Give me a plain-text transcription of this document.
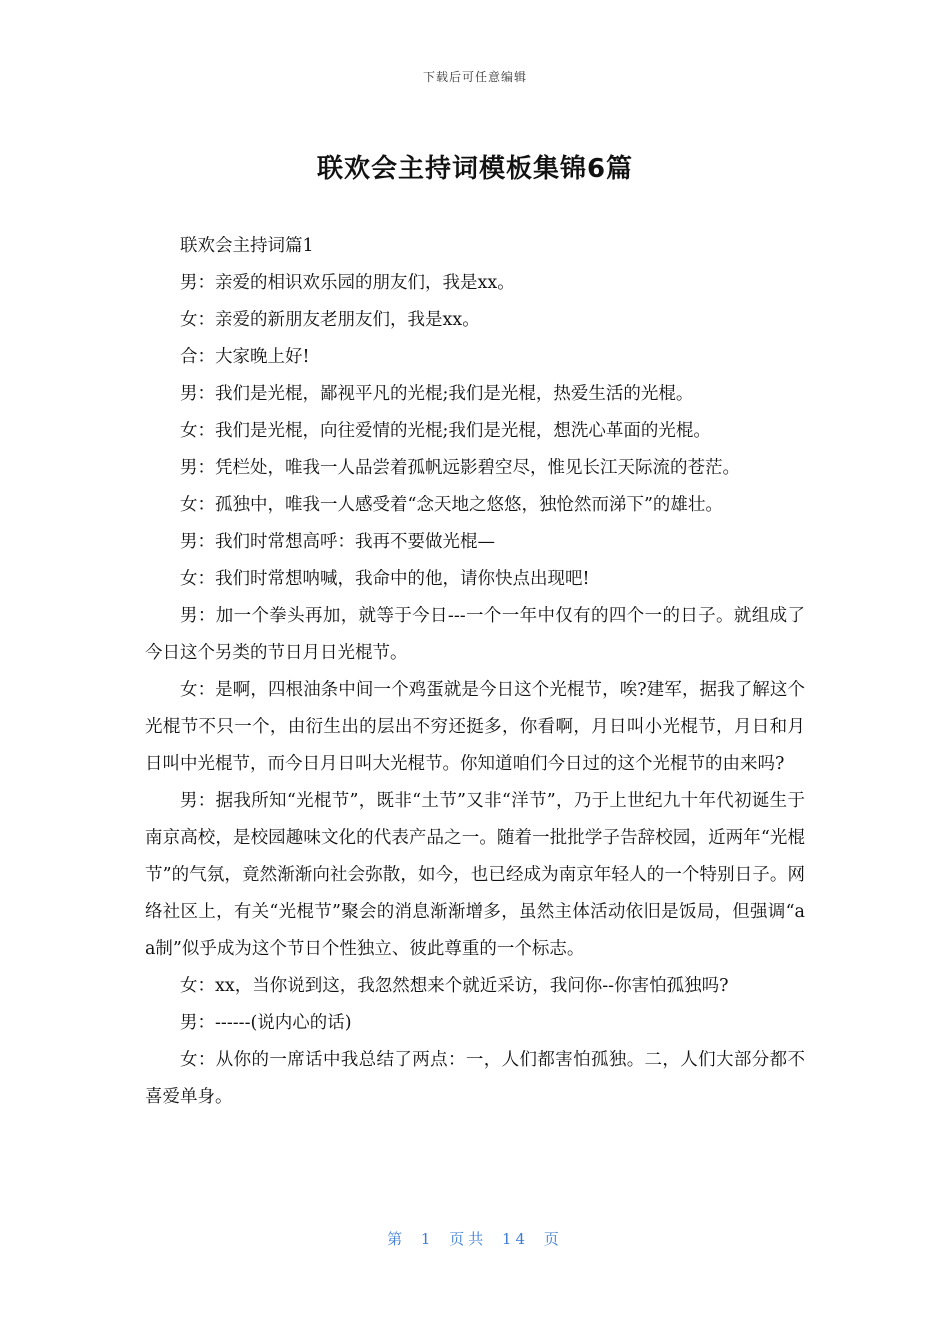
下载后可任意编辑
联欢会主持词模板集锦6篇

联欢会主持词篇1

男：亲爱的相识欢乐园的朋友们，我是xx。

女：亲爱的新朋友老朋友们，我是xx。

合：大家晚上好!

男：我们是光棍，鄙视平凡的光棍;我们是光棍，热爱生活的光棍。

女：我们是光棍，向往爱情的光棍;我们是光棍，想洗心革面的光棍。

男：凭栏处，唯我一人品尝着孤帆远影碧空尽，惟见长江天际流的苍茫。

女：孤独中，唯我一人感受着“念天地之悠悠，独怆然而涕下”的雄壮。

男：我们时常想高呼：我再不要做光棍—

女：我们时常想呐喊，我命中的他，请你快点出现吧!

男：加一个拳头再加，就等于今日---一个一年中仅有的四个一的日子。就组成了今日这个另类的节日月日光棍节。

女：是啊，四根油条中间一个鸡蛋就是今日这个光棍节，唉?建军，据我了解这个光棍节不只一个，由衍生出的层出不穷还挺多，你看啊，月日叫小光棍节，月日和月日叫中光棍节，而今日月日叫大光棍节。你知道咱们今日过的这个光棍节的由来吗?

男：据我所知“光棍节”，既非“土节”又非“洋节”，乃于上世纪九十年代初诞生于南京高校，是校园趣味文化的代表产品之一。随着一批批学子告辞校园，近两年“光棍节”的气氛，竟然渐渐向社会弥散，如今，也已经成为南京年轻人的一个特别日子。网络社区上，有关“光棍节”聚会的消息渐渐增多，虽然主体活动依旧是饭局，但强调“aa制”似乎成为这个节日个性独立、彼此尊重的一个标志。

女：xx，当你说到这，我忽然想来个就近采访，我问你--你害怕孤独吗?

男：------(说内心的话)

女：从你的一席话中我总结了两点：一，人们都害怕孤独。二，人们大部分都不喜爱单身。

第 1 页共 14 页
